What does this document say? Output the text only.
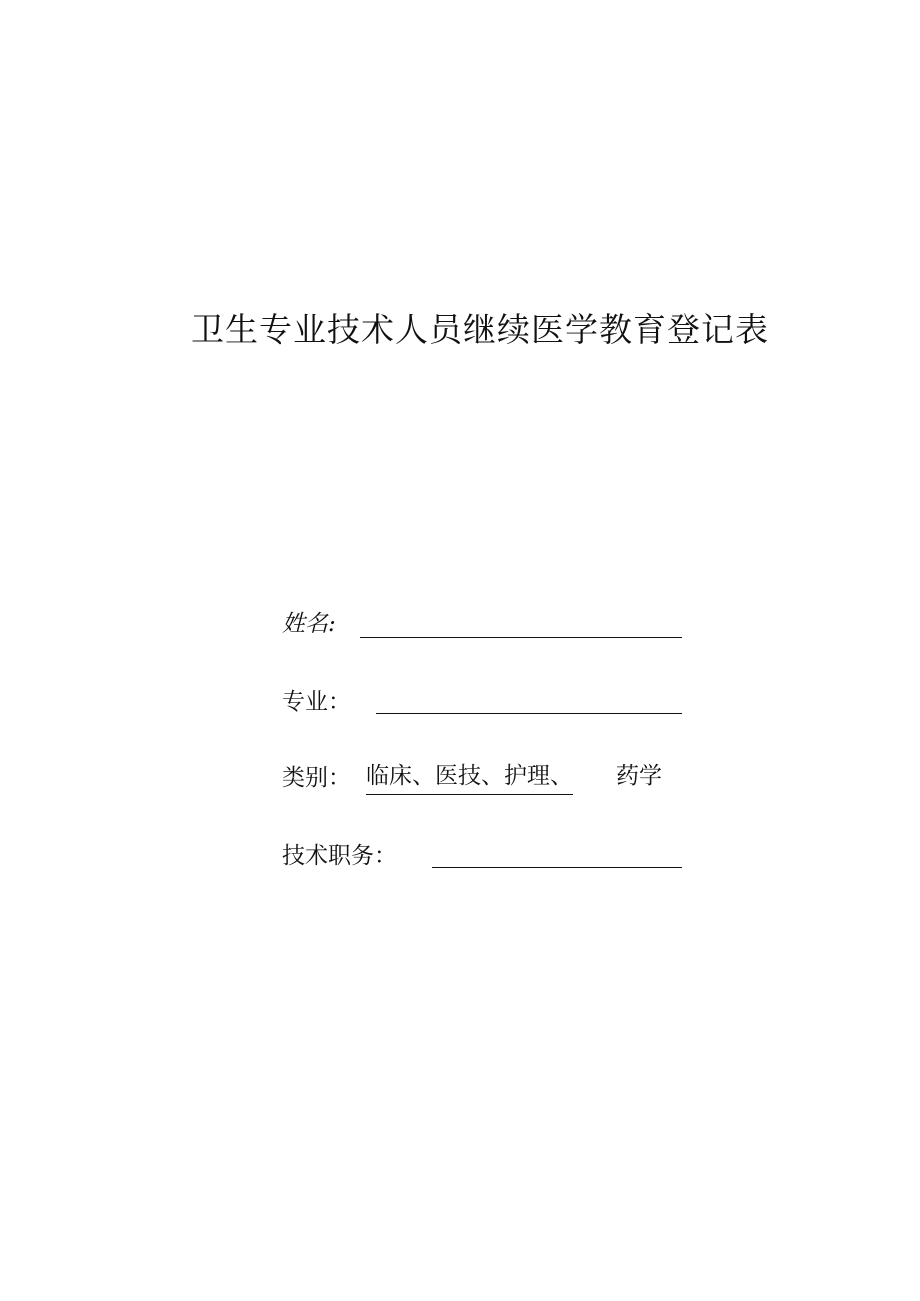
卫生专业技术人员继续医学教育登记表
姓名:
专业：
类别： 临床、医技、护理、 药学
技术职务：
